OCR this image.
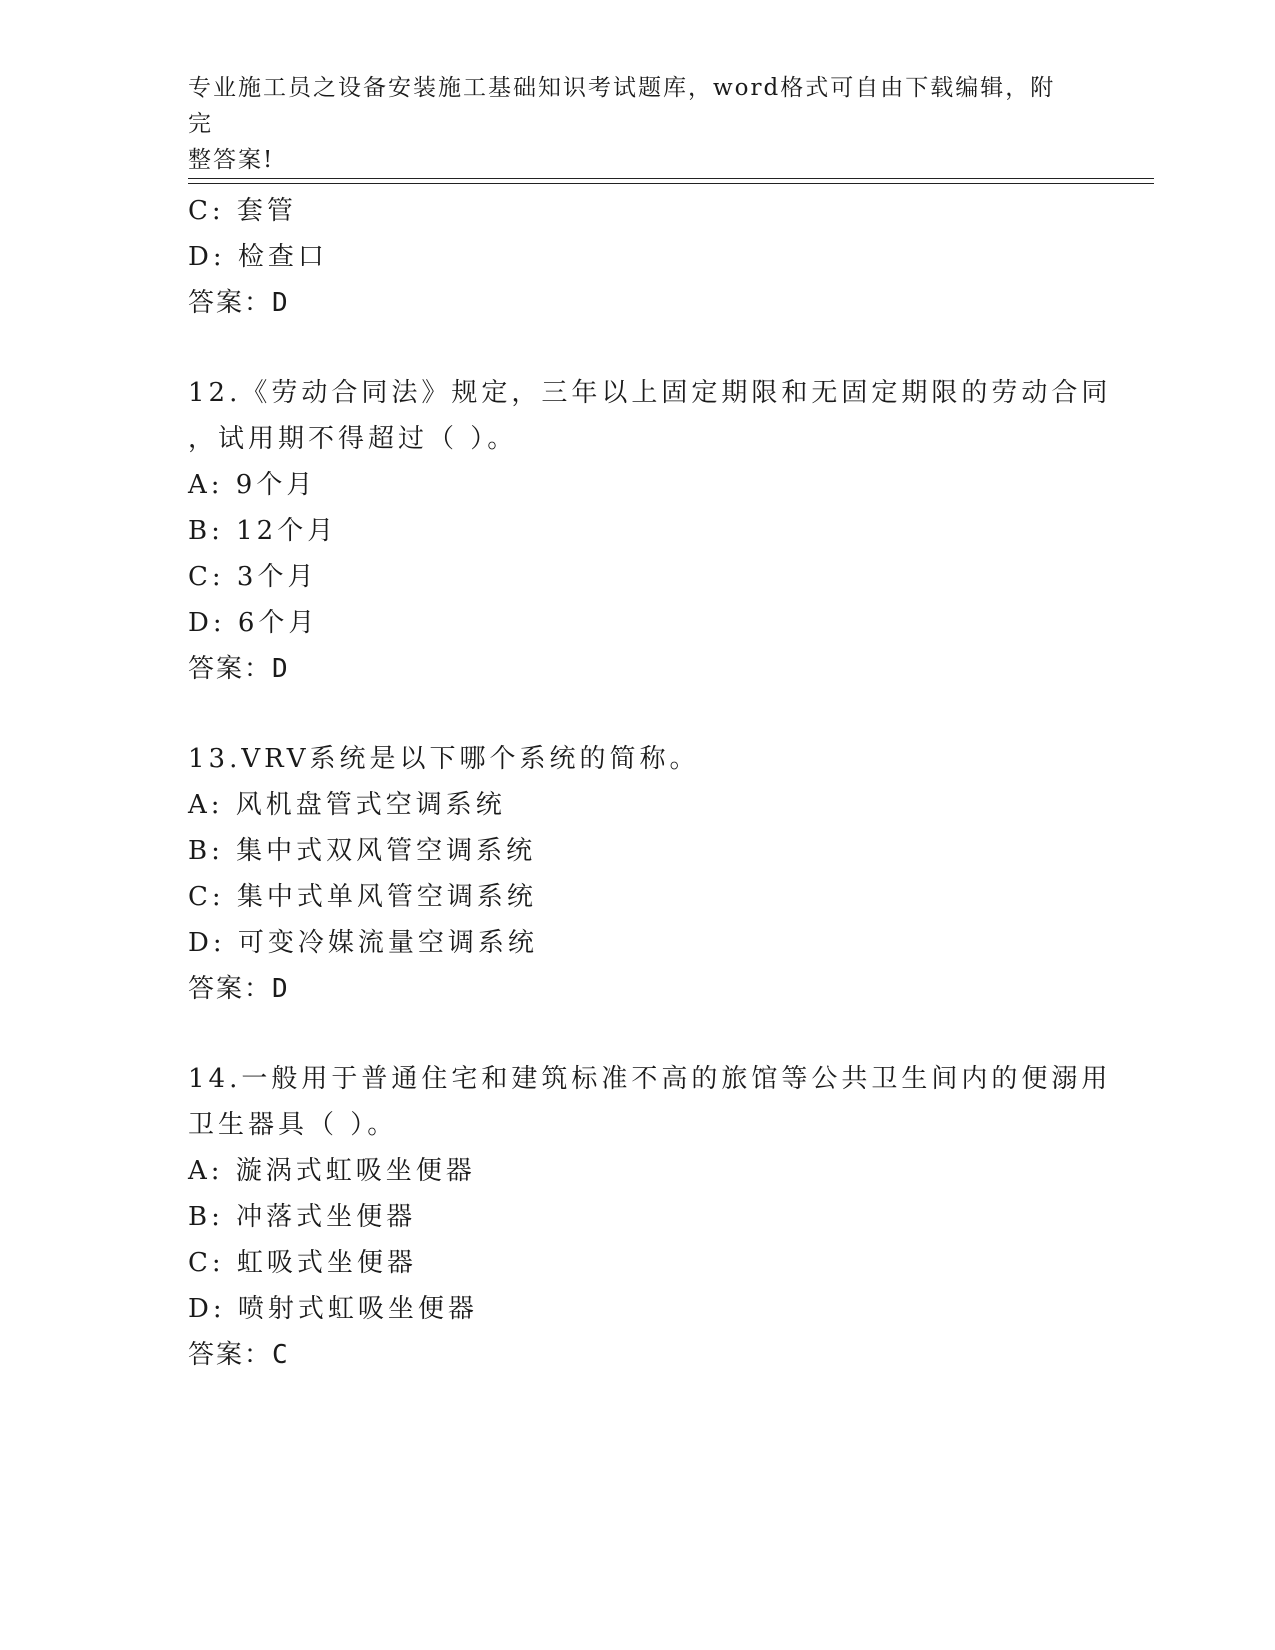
专业施工员之设备安装施工基础知识考试题库，word格式可自由下载编辑，附完
整答案!
C: 套管
D: 检查口
答案：D
12.《劳动合同法》规定，三年以上固定期限和无固定期限的劳动合同
，试用期不得超过（ ）。
A: 9个月
B: 12个月
C: 3个月
D: 6个月
答案：D
13.VRV系统是以下哪个系统的简称。
A: 风机盘管式空调系统
B: 集中式双风管空调系统
C: 集中式单风管空调系统
D: 可变冷媒流量空调系统
答案：D
14.一般用于普通住宅和建筑标准不高的旅馆等公共卫生间内的便溺用
卫生器具（ ）。
A: 漩涡式虹吸坐便器
B: 冲落式坐便器
C: 虹吸式坐便器
D: 喷射式虹吸坐便器
答案：C
